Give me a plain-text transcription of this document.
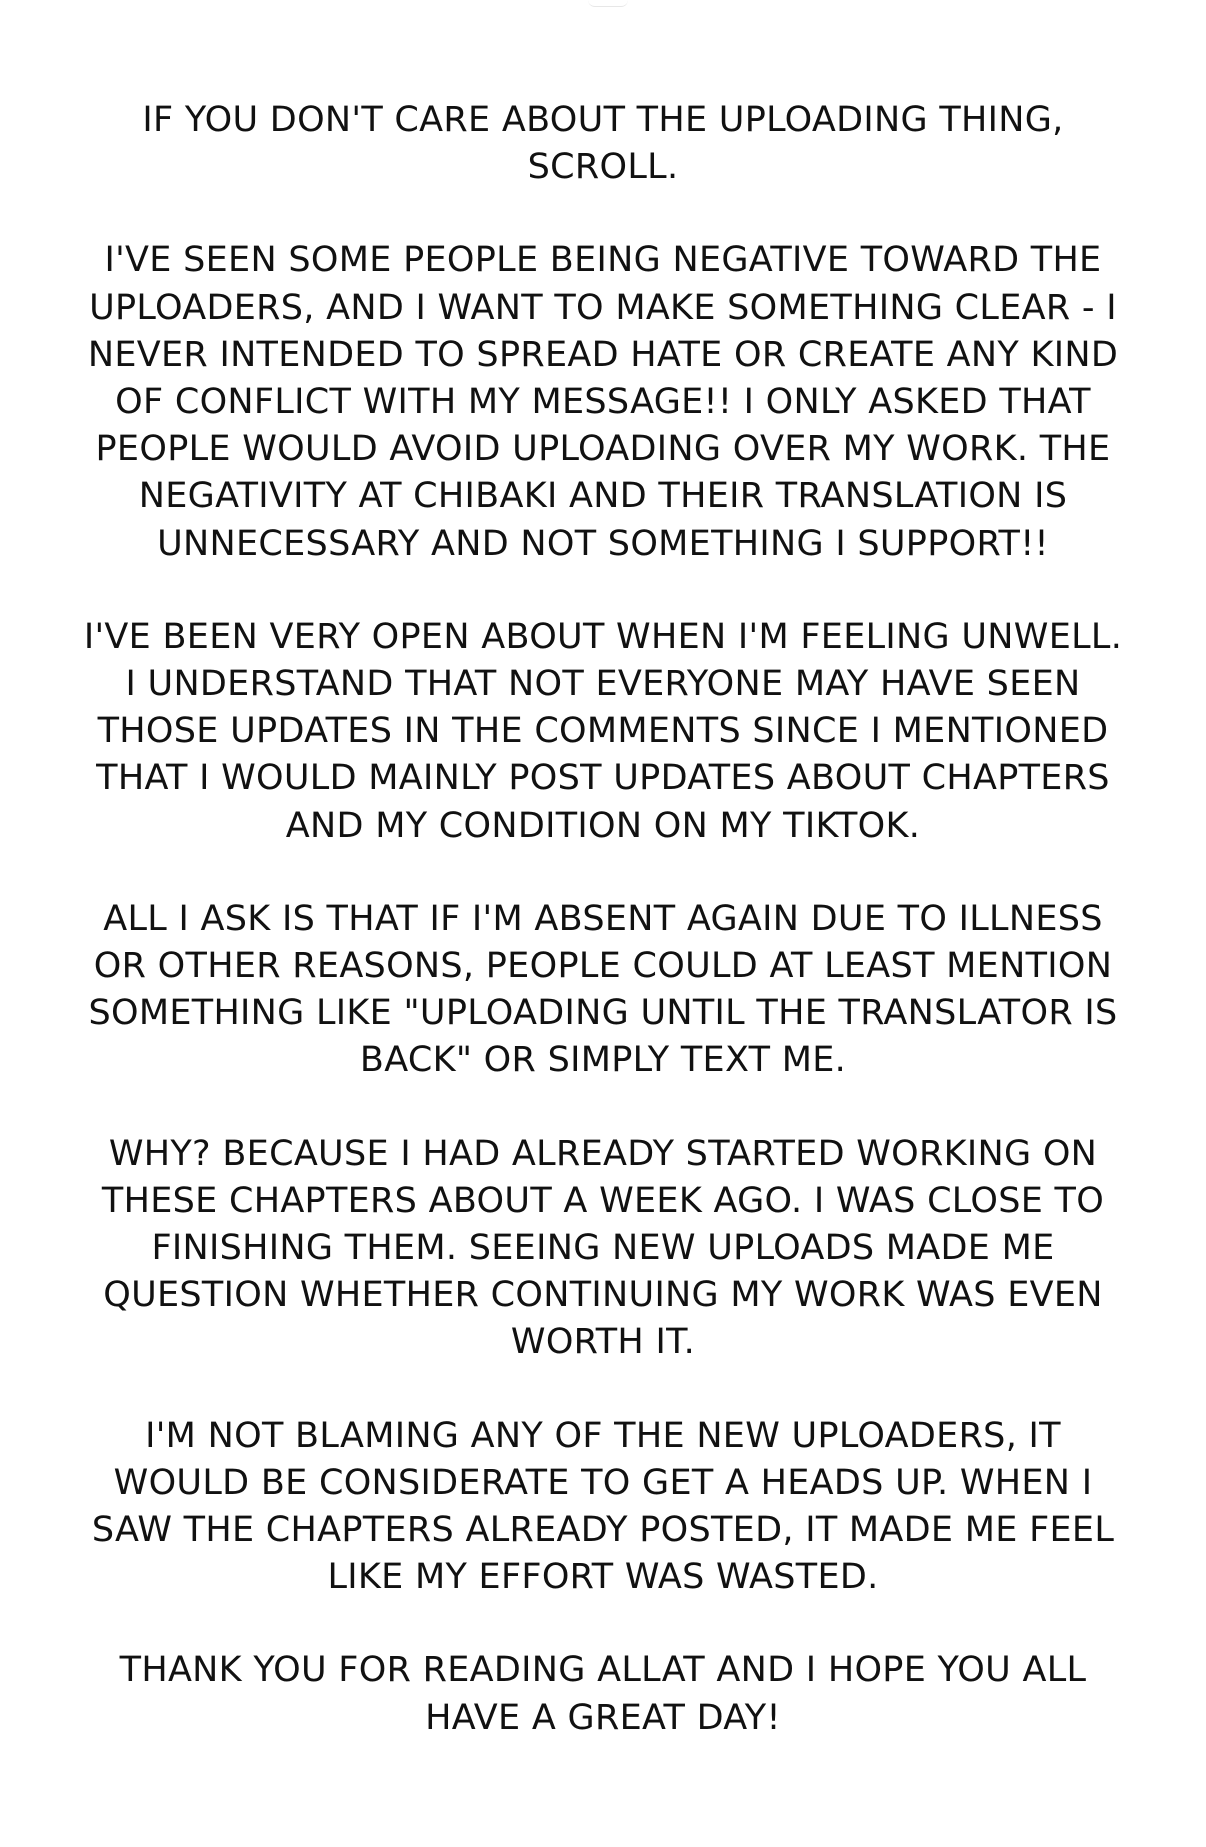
IF YOU DON'T CARE ABOUT THE UPLOADING THING,
SCROLL.

I'VE SEEN SOME PEOPLE BEING NEGATIVE TOWARD THE
UPLOADERS, AND I WANT TO MAKE SOMETHING CLEAR - I
NEVER INTENDED TO SPREAD HATE OR CREATE ANY KIND
OF CONFLICT WITH MY MESSAGE!! I ONLY ASKED THAT
PEOPLE WOULD AVOID UPLOADING OVER MY WORK. THE
NEGATIVITY AT CHIBAKI AND THEIR TRANSLATION IS
UNNECESSARY AND NOT SOMETHING I SUPPORT!!

I'VE BEEN VERY OPEN ABOUT WHEN I'M FEELING UNWELL.
I UNDERSTAND THAT NOT EVERYONE MAY HAVE SEEN
THOSE UPDATES IN THE COMMENTS SINCE I MENTIONED
THAT I WOULD MAINLY POST UPDATES ABOUT CHAPTERS
AND MY CONDITION ON MY TIKTOK.

ALL I ASK IS THAT IF I'M ABSENT AGAIN DUE TO ILLNESS
OR OTHER REASONS, PEOPLE COULD AT LEAST MENTION
SOMETHING LIKE "UPLOADING UNTIL THE TRANSLATOR IS
BACK" OR SIMPLY TEXT ME.

WHY? BECAUSE I HAD ALREADY STARTED WORKING ON
THESE CHAPTERS ABOUT A WEEK AGO. I WAS CLOSE TO
FINISHING THEM. SEEING NEW UPLOADS MADE ME
QUESTION WHETHER CONTINUING MY WORK WAS EVEN
WORTH IT.

I'M NOT BLAMING ANY OF THE NEW UPLOADERS, IT
WOULD BE CONSIDERATE TO GET A HEADS UP. WHEN I
SAW THE CHAPTERS ALREADY POSTED, IT MADE ME FEEL
LIKE MY EFFORT WAS WASTED.

THANK YOU FOR READING ALLAT AND I HOPE YOU ALL
HAVE A GREAT DAY!
